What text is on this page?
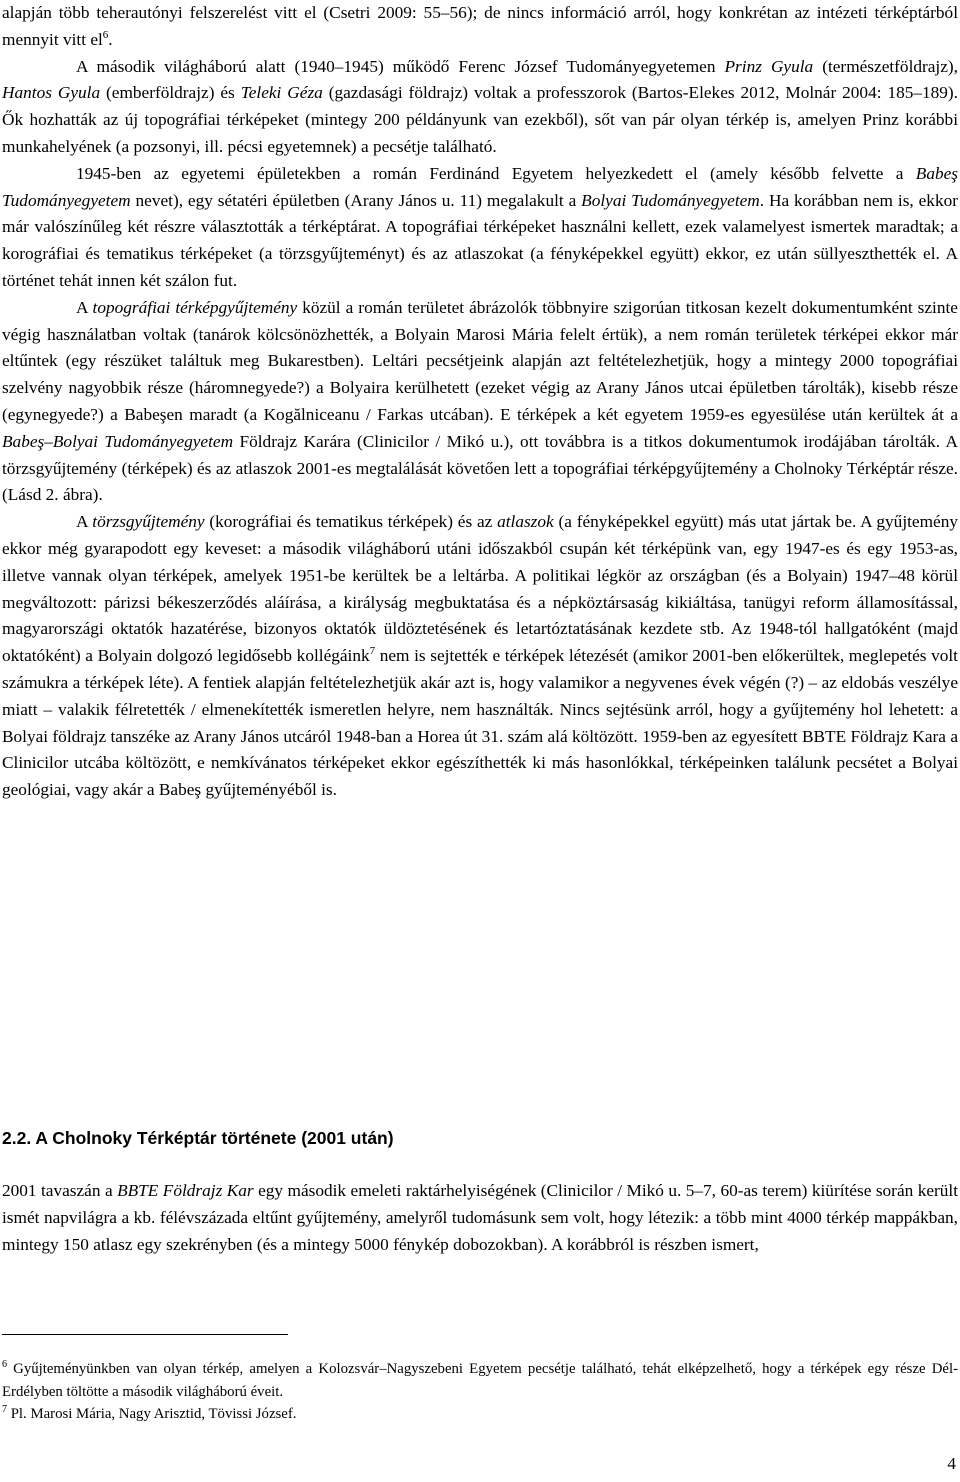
alapján több teherautónyi felszerelést vitt el (Csetri 2009: 55–56); de nincs információ arról, hogy konkrétan az intézeti térképtárból mennyit vitt $el^6$.

A második világháború alatt (1940–1945) működő Ferenc József Tudományegyetemen Prinz Gyula (természetföldrajz), Hantos Gyula (emberföldrajz) és Teleki Géza (gazdasági földrajz) voltak a professzorok (Bartos-Elekes 2012, Molnár 2004: 185–189). Ők hozhatták az új topográfiai térképeket (mintegy 200 példányunk van ezekből), sőt van pár olyan térkép is, amelyen Prinz korábbi munkahelyének (a pozsonyi, ill. pécsi egyetemnek) a pecsétje található.

1945-ben az egyetemi épületekben a román Ferdinánd Egyetem helyezkedett el (amely később felvette a Babeş Tudományegyetem nevet), egy sétatéri épületben (Arany János u. 11) megalakult a Bolyai Tudományegyetem. Ha korábban nem is, ekkor már valószínűleg két részre választották a térképtárat. A topográfiai térképeket használni kellett, ezek valamelyest ismertek maradtak; a korográfiai és tematikus térképeket (a törzsgyűjteményt) és az atlaszokat (a fényképekkel együtt) ekkor, ez után süllyeszthették el. A történet tehát innen két szálon fut.

A topográfiai térképgyűjtemény közül a román területet ábrázolók többnyire szigorúan titkosan kezelt dokumentumként szinte végig használatban voltak (tanárok kölcsönözhették, a Bolyain Marosi Mária felelt értük), a nem román területek térképei ekkor már eltűntek (egy részüket találtuk meg Bukarestben). Leltári pecsétjeink alapján azt feltételezhetjük, hogy a mintegy 2000 topográfiai szelvény nagyobbik része (háromnegyede?) a Bolyaira kerülhetett (ezeket végig az Arany János utcai épületben tárolták), kisebb része (egynegyede?) a Babeşen maradt (a Kogălniceanu / Farkas utcában). E térképek a két egyetem 1959-es egyesülése után kerültek át a Babeş–Bolyai Tudományegyetem Földrajz Karára (Clinicilor / Mikó u.), ott továbbra is a titkos dokumentumok irodájában tárolták. A törzsgyűjtemény (térképek) és az atlaszok 2001-es megtalálását követően lett a topográfiai térképgyűjtemény a Cholnoky Térképtár része. (Lásd 2. ábra).

A törzsgyűjtemény (korográfiai és tematikus térképek) és az atlaszok (a fényképekkel együtt) más utat jártak be. A gyűjtemény ekkor még gyarapodott egy keveset: a második világháború utáni időszakból csupán két térképünk van, egy 1947-es és egy 1953-as, illetve vannak olyan térképek, amelyek 1951-be kerültek be a leltárba. A politikai légkör az országban (és a Bolyain) 1947–48 körül megváltozott: párizsi békeszerződés aláírása, a királyság megbuktatása és a népköztársaság kikiáltása, tanügyi reform államosítással, magyarországi oktatók hazatérése, bizonyos oktatók üldöztetésének és letartóztatásának kezdete stb. Az 1948-tól hallgatóként (majd oktatóként) a Bolyain dolgozó legidősebb kollégáink$^7$ nem is sejtették e térképek létezését (amikor 2001-ben előkerültek, meglepetés volt számukra a térképek léte). A fentiek alapján feltételezhetjük akár azt is, hogy valamikor a negyvenes évek végén (?) – az eldobás veszélye miatt – valakik félretették / elmenekítették ismeretlen helyre, nem használták. Nincs sejtésünk arról, hogy a gyűjtemény hol lehetett: a Bolyai földrajz tanszéke az Arany János utcáról 1948-ban a Horea út 31. szám alá költözött. 1959-ben az egyesített BBTE Földrajz Kara a Clinicilor utcába költözött, e nemkívánatos térképeket ekkor egészíthették ki más hasonlókkal, térképeinken találunk pecsétet a Bolyai geológiai, vagy akár a Babeş gyűjteményéből is.

2.2. A Cholnoky Térképtár története (2001 után)

2001 tavaszán a BBTE Földrajz Kar egy második emeleti raktárhelyiségének (Clinicilor / Mikó u. 5–7, 60-as terem) kiürítése során került ismét napvilágra a kb. félévszázada eltűnt gyűjtemény, amelyről tudomásunk sem volt, hogy létezik: a több mint 4000 térkép mappákban, mintegy 150 atlasz egy szekrényben (és a mintegy 5000 fénykép dobozokban). A korábbról is részben ismert,

$^6$ Gyűjteményünkben van olyan térkép, amelyen a Kolozsvár–Nagyszebeni Egyetem pecsétje található, tehát elképzelhető, hogy a térképek egy része Dél-Erdélyben töltötte a második világháború éveit.

$^7$ Pl. Marosi Mária, Nagy Arisztid, Tövissi József.

4
